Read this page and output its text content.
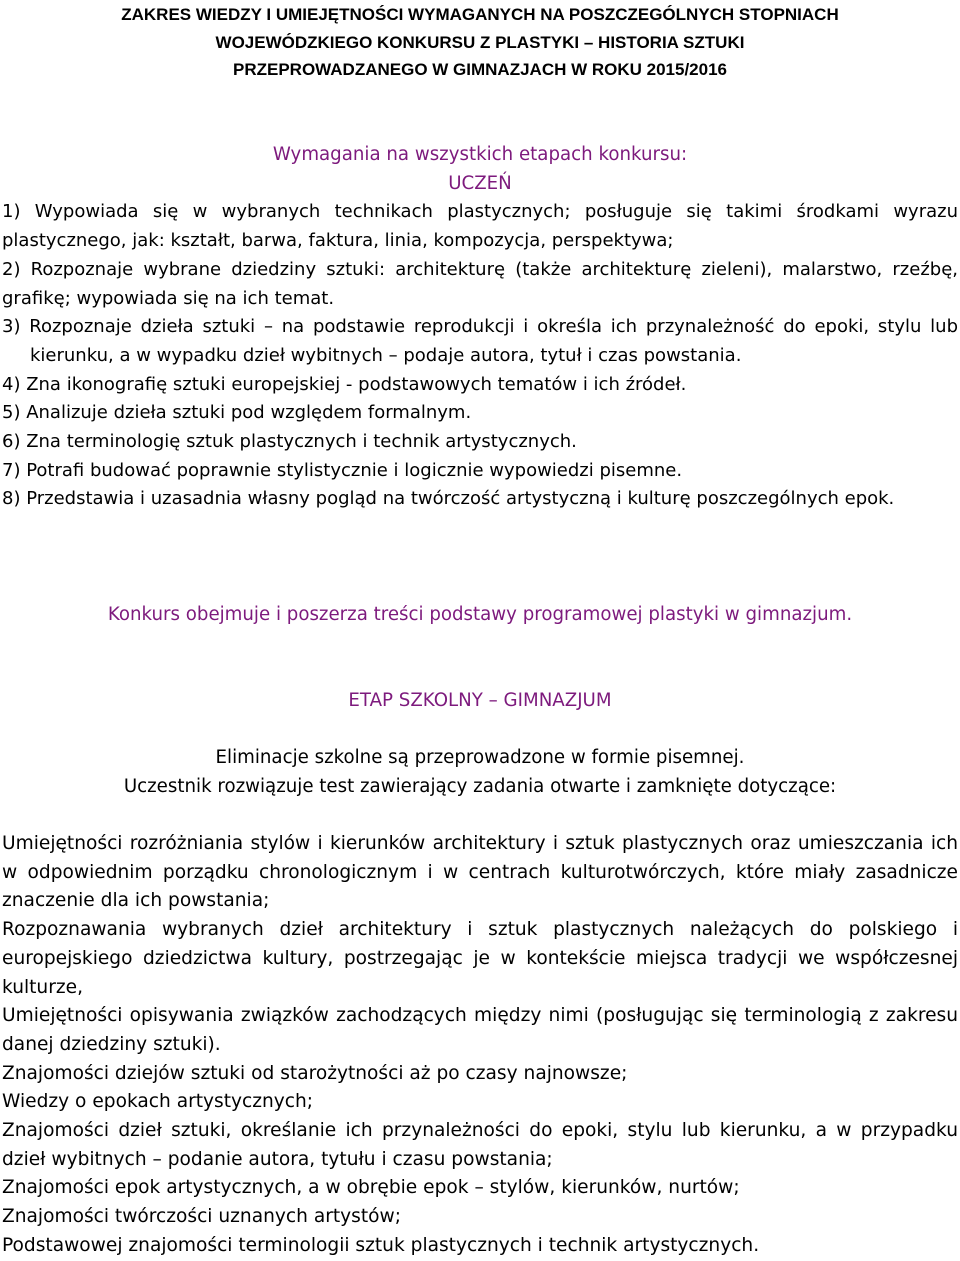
ZAKRES WIEDZY I UMIEJĘTNOŚCI WYMAGANYCH NA POSZCZEGÓLNYCH STOPNIACH
WOJEWÓDZKIEGO KONKURSU Z PLASTYKI – HISTORIA SZTUKI
PRZEPROWADZANEGO W GIMNAZJACH W ROKU 2015/2016

Wymagania na wszystkich etapach konkursu:

UCZEŃ

1) Wypowiada się w wybranych technikach plastycznych; posługuje się takimi środkami wyrazu plastycznego, jak: kształt, barwa, faktura, linia, kompozycja, perspektywa;

2) Rozpoznaje wybrane dziedziny sztuki: architekturę (także architekturę zieleni), malarstwo, rzeźbę, grafikę; wypowiada się na ich temat.

3) Rozpoznaje dzieła sztuki – na podstawie reprodukcji i określa ich przynależność do epoki, stylu lub kierunku, a w wypadku dzieł wybitnych – podaje autora, tytuł i czas powstania.

4) Zna ikonografię sztuki europejskiej - podstawowych tematów i ich źródeł.

5) Analizuje dzieła sztuki pod względem formalnym.

6) Zna terminologię sztuk plastycznych i technik artystycznych.

7) Potrafi budować poprawnie stylistycznie i logicznie wypowiedzi pisemne.

8) Przedstawia i uzasadnia własny pogląd na twórczość artystyczną i kulturę poszczególnych epok.

Konkurs obejmuje i poszerza treści podstawy programowej plastyki w gimnazjum.
ETAP SZKOLNY – GIMNAZJUM
Eliminacje szkolne są przeprowadzone w formie pisemnej.
Uczestnik rozwiązuje test zawierający zadania otwarte i zamknięte dotyczące:

Umiejętności rozróżniania stylów i kierunków architektury i sztuk plastycznych oraz umieszczania ich w odpowiednim porządku chronologicznym i w centrach kulturotwórczych, które miały zasadnicze znaczenie dla ich powstania;

Rozpoznawania wybranych dzieł architektury i sztuk plastycznych należących do polskiego i europejskiego dziedzictwa kultury, postrzegając je w kontekście miejsca tradycji we współczesnej kulturze,

Umiejętności opisywania związków zachodzących między nimi (posługując się terminologią z zakresu danej dziedziny sztuki).

Znajomości dziejów sztuki od starożytności aż po czasy najnowsze;

Wiedzy o epokach artystycznych;

Znajomości dzieł sztuki, określanie ich przynależności do epoki, stylu lub kierunku, a w przypadku dzieł wybitnych – podanie autora, tytułu i czasu powstania;

Znajomości epok artystycznych, a w obrębie epok – stylów, kierunków, nurtów;

Znajomości twórczości uznanych artystów;

Podstawowej znajomości terminologii sztuk plastycznych i technik artystycznych.
